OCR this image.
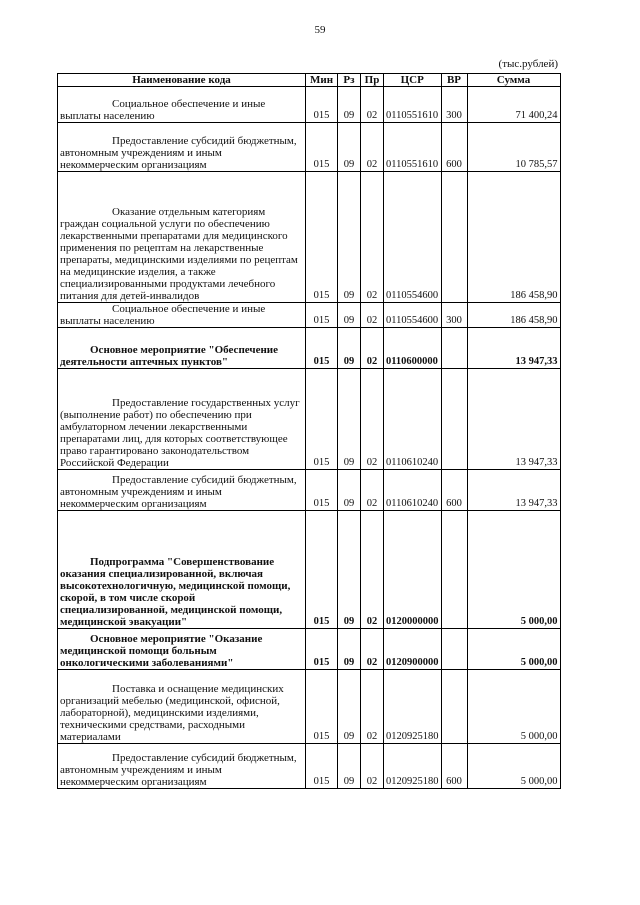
59
(тыс.рублей)
Наименование кода	Мин	Рз	Пр	ЦСР	ВР	Сумма

Социальное обеспечение и иные выплаты населению	015	09	02	0110551610	300	71 400,24

Предоставление субсидий бюджетным, автономным учреждениям и иным некоммерческим организациям	015	09	02	0110551610	600	10 785,57

Оказание отдельным категориям граждан социальной услуги по обеспечению лекарственными препаратами для медицинского применения по рецептам на лекарственные препараты, медицинскими изделиями по рецептам на медицинские изделия, а также специализированными продуктами лечебного питания для детей-инвалидов	015	09	02	0110554600		186 458,90

Социальное обеспечение и иные выплаты населению	015	09	02	0110554600	300	186 458,90

Основное мероприятие "Обеспечение деятельности аптечных пунктов"	015	09	02	0110600000		13 947,33

Предоставление государственных услуг (выполнение работ) по обеспечению при амбулаторном лечении лекарственными препаратами лиц, для которых соответствующее право гарантировано законодательством Российской Федерации	015	09	02	0110610240		13 947,33

Предоставление субсидий бюджетным, автономным учреждениям и иным некоммерческим организациям	015	09	02	0110610240	600	13 947,33

Подпрограмма "Совершенствование оказания специализированной, включая высокотехнологичную, медицинской помощи, скорой, в том числе скорой специализированной, медицинской помощи, медицинской эвакуации"	015	09	02	0120000000		5 000,00

Основное мероприятие "Оказание медицинской помощи больным онкологическими заболеваниями"	015	09	02	0120900000		5 000,00

Поставка и оснащение медицинских организаций мебелью (медицинской, офисной, лабораторной), медицинскими изделиями, техническими средствами, расходными материалами	015	09	02	0120925180		5 000,00

Предоставление субсидий бюджетным, автономным учреждениям и иным некоммерческим организациям	015	09	02	0120925180	600	5 000,00
